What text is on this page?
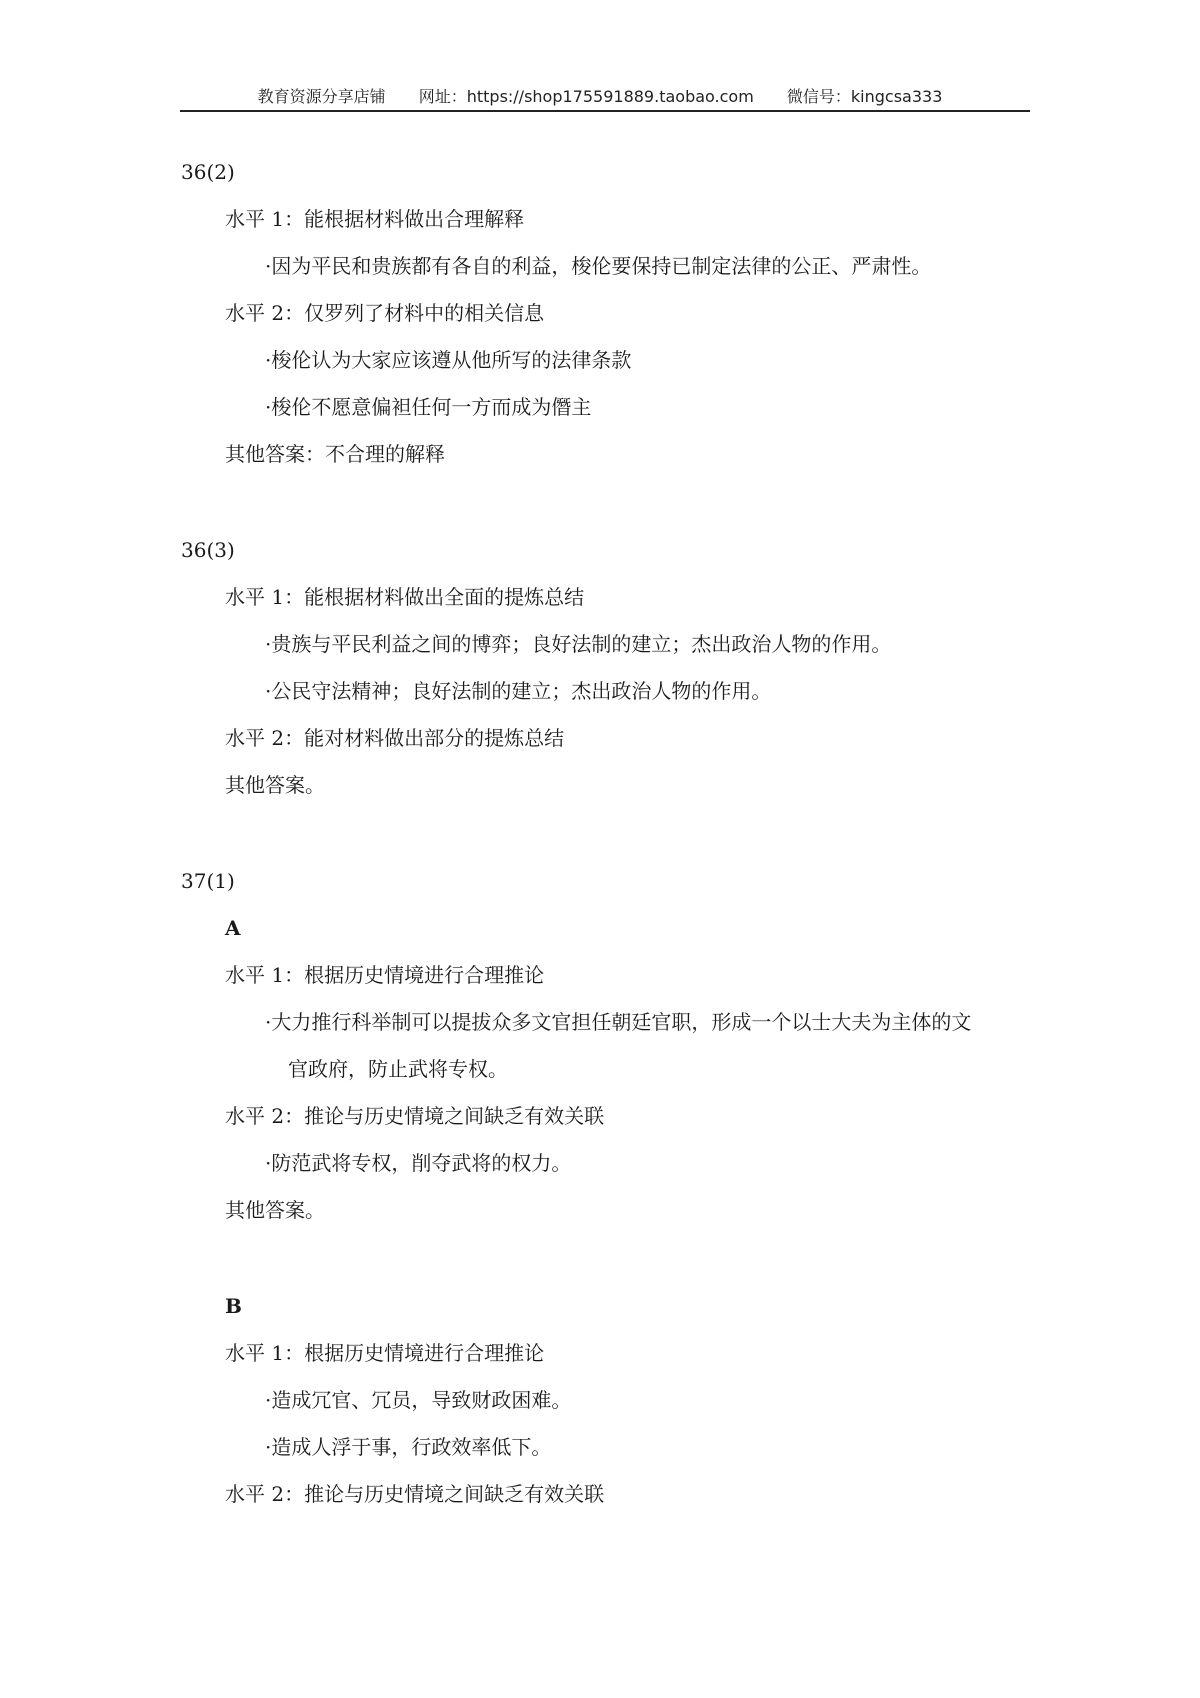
教育资源分享店铺 网址：https://shop175591889.taobao.com 微信号：kingcsa333
36(2)
水平 1：能根据材料做出合理解释
·因为平民和贵族都有各自的利益，梭伦要保持已制定法律的公正、严肃性。
水平 2：仅罗列了材料中的相关信息
·梭伦认为大家应该遵从他所写的法律条款
·梭伦不愿意偏袒任何一方而成为僭主
其他答案：不合理的解释
36(3)
水平 1：能根据材料做出全面的提炼总结
·贵族与平民利益之间的博弈；良好法制的建立；杰出政治人物的作用。
·公民守法精神；良好法制的建立；杰出政治人物的作用。
水平 2：能对材料做出部分的提炼总结
其他答案。
37(1)
A
水平 1：根据历史情境进行合理推论
·大力推行科举制可以提拔众多文官担任朝廷官职，形成一个以士大夫为主体的文
官政府，防止武将专权。
水平 2：推论与历史情境之间缺乏有效关联
·防范武将专权，削夺武将的权力。
其他答案。
B
水平 1：根据历史情境进行合理推论
·造成冗官、冗员，导致财政困难。
·造成人浮于事，行政效率低下。
水平 2：推论与历史情境之间缺乏有效关联
